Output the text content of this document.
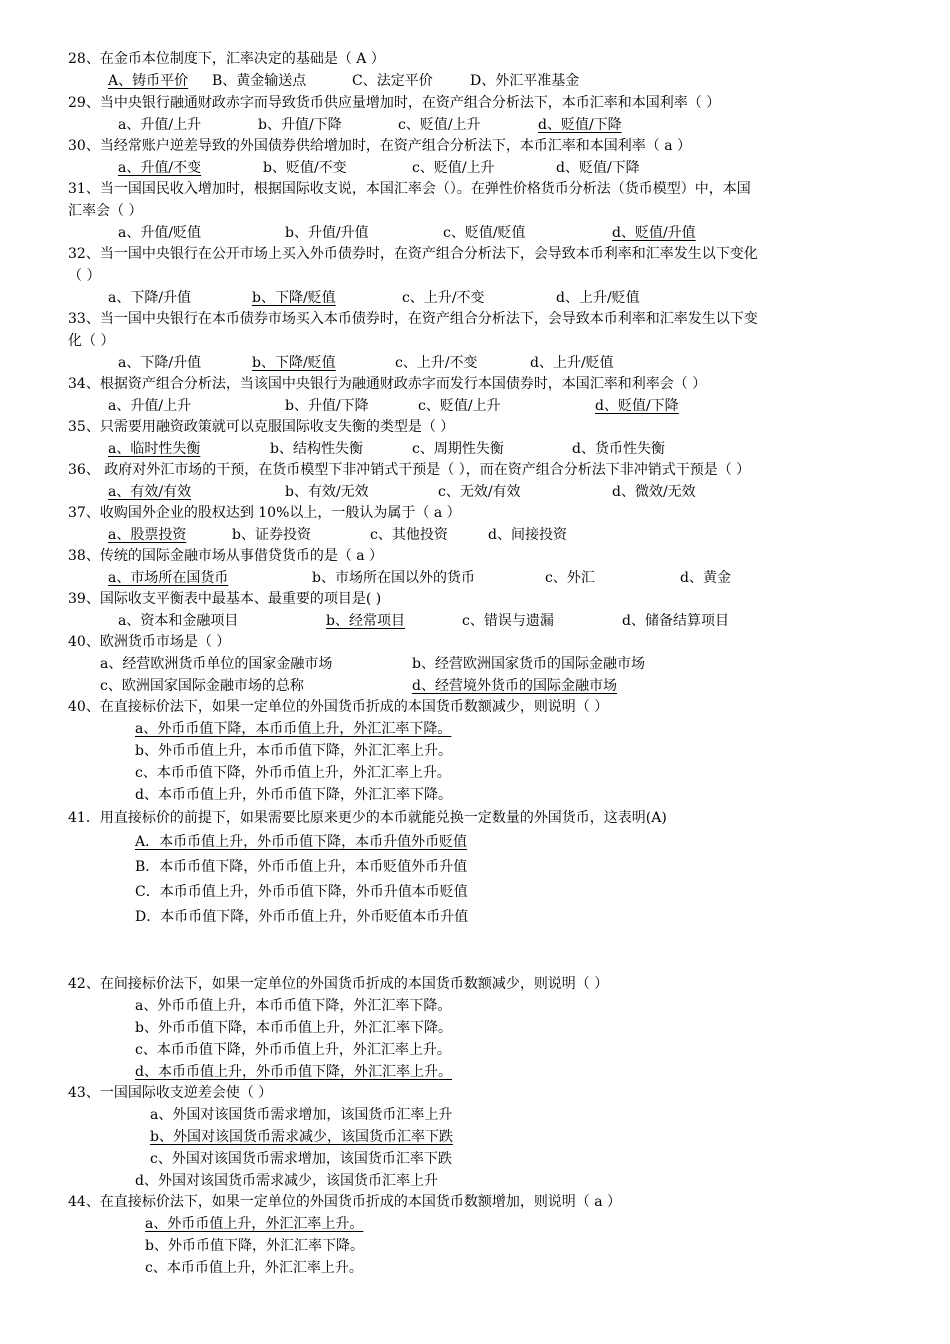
28、在金币本位制度下，汇率决定的基础是（ A ）
A、铸币平价 B、黄金输送点	C、法定平价	D、外汇平准基金
29、当中央银行融通财政赤字而导致货币供应量增加时，在资产组合分析法下，本币汇率和本国利率（ ）
a、升值/上升	b、升值/下降	c、贬值/上升	d、贬值/下降
30、当经常账户逆差导致的外国债券供给增加时，在资产组合分析法下，本币汇率和本国利率（ a ）
a、升值/不变	b、贬值/不变	c、贬值/上升	d、贬值/下降
31、当一国国民收入增加时，根据国际收支说，本国汇率会（）。在弹性价格货币分析法（货币模型）中，本国
汇率会（ ）
a、升值/贬值	b、升值/升值	c、贬值/贬值	d、贬值/升值
32、当一国中央银行在公开市场上买入外币债券时，在资产组合分析法下，会导致本币利率和汇率发生以下变化
（ ）
a、下降/升值	b、下降/贬值	c、上升/不变	d、上升/贬值
33、当一国中央银行在本币债券市场买入本币债券时，在资产组合分析法下，会导致本币利率和汇率发生以下变
化（ ）
a、下降/升值	b、下降/贬值	c、上升/不变	d、上升/贬值
34、根据资产组合分析法，当该国中央银行为融通财政赤字而发行本国债券时，本国汇率和利率会（ ）
a、升值/上升	b、升值/下降	c、贬值/上升	d、贬值/下降
35、只需要用融资政策就可以克服国际收支失衡的类型是（ ）
a、临时性失衡	b、结构性失衡	c、周期性失衡	d、货币性失衡
36、 政府对外汇市场的干预，在货币模型下非冲销式干预是（ ），而在资产组合分析法下非冲销式干预是（ ）
a、有效/有效	b、有效/无效	c、无效/有效	d、微效/无效
37、收购国外企业的股权达到 10%以上，一般认为属于（ a ）
a、股票投资	b、证券投资	c、其他投资	d、间接投资
38、传统的国际金融市场从事借贷货币的是（ a ）
a、市场所在国货币	b、市场所在国以外的货币	c、外汇	d、黄金
39、国际收支平衡表中最基本、最重要的项目是( )
a、资本和金融项目	b、经常项目	c、错误与遗漏	d、储备结算项目
40、欧洲货币市场是（ ）
a、经营欧洲货币单位的国家金融市场	b、经营欧洲国家货币的国际金融市场
c、欧洲国家国际金融市场的总称	d、经营境外货币的国际金融市场
40、在直接标价法下，如果一定单位的外国货币折成的本国货币数额减少，则说明（ ）
a、外币币值下降，本币币值上升，外汇汇率下降。
b、外币币值上升，本币币值下降，外汇汇率上升。
c、本币币值下降，外币币值上升，外汇汇率上升。
d、本币币值上升，外币币值下降，外汇汇率下降。
41．用直接标价的前提下，如果需要比原来更少的本币就能兑换一定数量的外国货币，这表明(A)
A．本币币值上升，外币币值下降，本币升值外币贬值
B．本币币值下降，外币币值上升，本币贬值外币升值
C．本币币值上升，外币币值下降，外币升值本币贬值
D．本币币值下降，外币币值上升，外币贬值本币升值
42、在间接标价法下，如果一定单位的外国货币折成的本国货币数额减少，则说明（ ）
a、外币币值上升，本币币值下降，外汇汇率下降。
b、外币币值下降，本币币值上升，外汇汇率下降。
c、本币币值下降，外币币值上升，外汇汇率上升。
d、本币币值上升，外币币值下降，外汇汇率上升。
43、一国国际收支逆差会使（ ）
a、外国对该国货币需求增加，该国货币汇率上升
b、外国对该国货币需求减少，该国货币汇率下跌
c、外国对该国货币需求增加，该国货币汇率下跌
d、外国对该国货币需求减少，该国货币汇率上升
44、在直接标价法下，如果一定单位的外国货币折成的本国货币数额增加，则说明（ a ）
a、外币币值上升，外汇汇率上升。
b、外币币值下降，外汇汇率下降。
c、本币币值上升，外汇汇率上升。
